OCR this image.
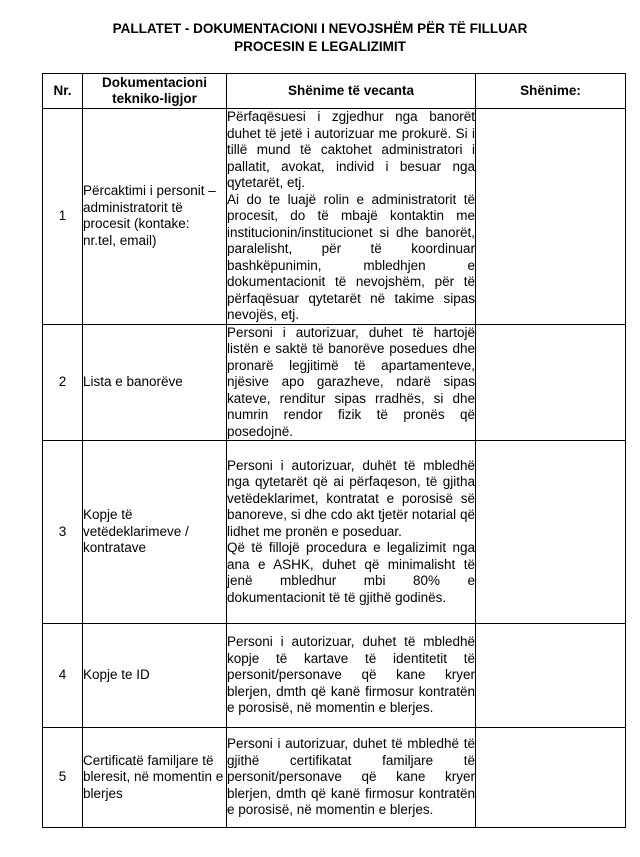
PALLATET - DOKUMENTACIONI I NEVOJSHËM PËR TË FILLUAR
PROCESIN E LEGALIZIMIT
Nr.	Dokumentacioni tekniko-ligjor	Shënime të vecanta	Shënime:
1	Përcaktimi i personit – administratorit të procesit (kontake: nr.tel, email)	Përfaqësuesi i zgjedhur nga banorët duhet të jetë i autorizuar me prokurë. Si i tillë mund të caktohet administratori i pallatit, avokat, individ i besuar nga qytetarët, etj.

Ai do te luajë rolin e administratorit të procesit, do të mbajë kontaktin me institucionin/institucionet si dhe banorët, paralelisht, për të koordinuar bashkëpunimin, mbledhjen e dokumentacionit të nevojshëm, për të përfaqësuar qytetarët në takime sipas nevojës, etj.	

2	Lista e banorëve	Personi i autorizuar, duhet të hartojë listën e saktë të banorëve posedues dhe pronarë legjitimë të apartamenteve, njësive apo garazheve, ndarë sipas kateve, renditur sipas rradhës, si dhe numrin rendor fizik të pronës që posedojnë.	

3	Kopje të vetëdeklarimeve / kontratave	Personi i autorizuar, duhët të mbledhë nga qytetarët që ai përfaqeson, të gjitha vetëdeklarimet, kontratat e porosisë së banoreve, si dhe cdo akt tjetër notarial që lidhet me pronën e poseduar.

Që të fillojë procedura e legalizimit nga ana e ASHK, duhet që minimalisht të jenë mbledhur mbi 80% e dokumentacionit të të gjithë godinës.	

4	Kopje te ID	Personi i autorizuar, duhet të mbledhë kopje të kartave të identitetit të personit/personave që kane kryer blerjen, dmth që kanë firmosur kontratën e porosisë, në momentin e blerjes.	

5	Certificatë familjare të bleresit, në momentin e blerjes	Personi i autorizuar, duhet të mbledhë të gjithë certifikatat familjare të personit/personave që kane kryer blerjen, dmth që kanë firmosur kontratën e porosisë, në momentin e blerjes.	
